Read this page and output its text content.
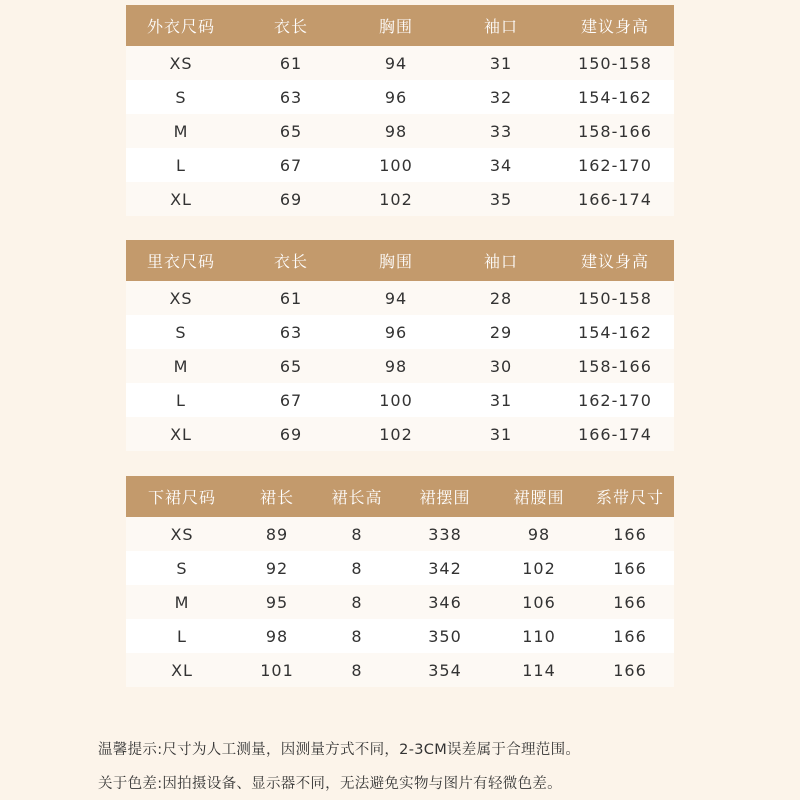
外衣尺码	衣长	胸围	袖口	建议身高
XS	61	94	31	150-158
S	63	96	32	154-162
M	65	98	33	158-166
L	67	100	34	162-170
XL	69	102	35	166-174
里衣尺码	衣长	胸围	袖口	建议身高
XS	61	94	28	150-158
S	63	96	29	154-162
M	65	98	30	158-166
L	67	100	31	162-170
XL	69	102	31	166-174
下裙尺码	裙长	裙长高	裙摆围	裙腰围	系带尺寸
XS	89	8	338	98	166
S	92	8	342	102	166
M	95	8	346	106	166
L	98	8	350	110	166
XL	101	8	354	114	166
温馨提示:尺寸为人工测量，因测量方式不同，2-3CM误差属于合理范围。
关于色差:因拍摄设备、显示器不同，无法避免实物与图片有轻微色差。
